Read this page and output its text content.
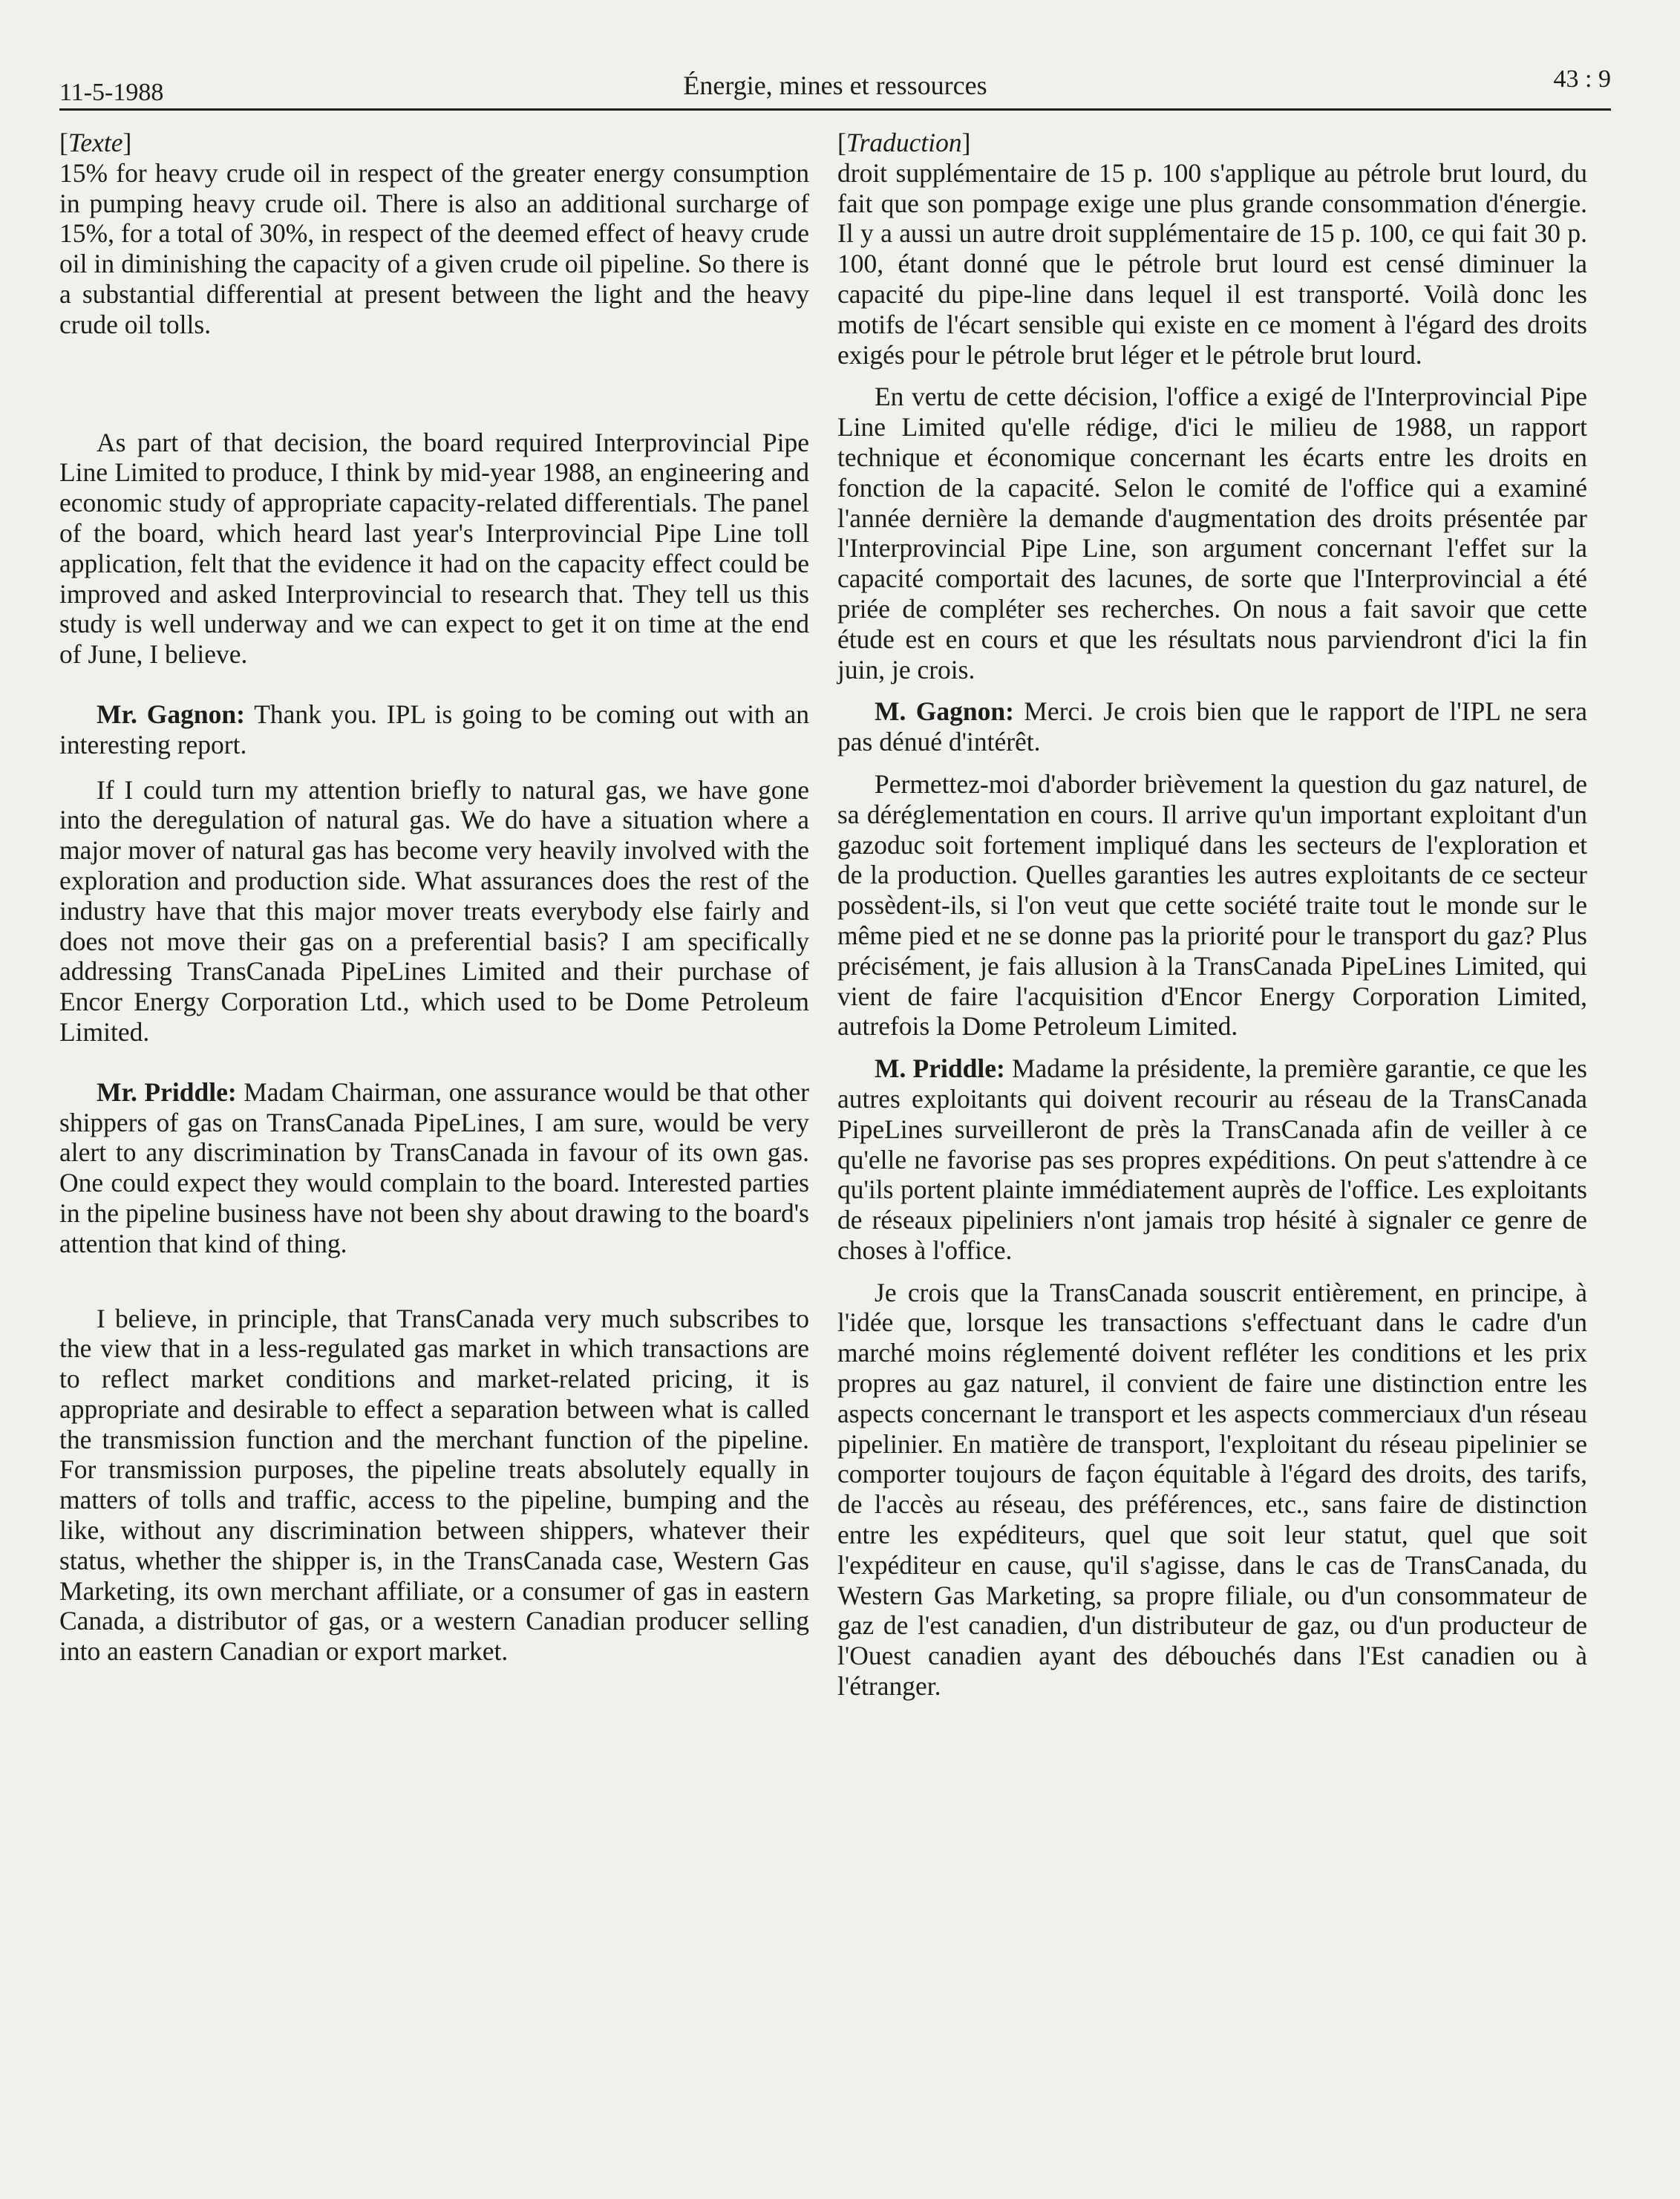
11-5-1988	Énergie, mines et ressources	43 : 9

[ Texte ]

15% for heavy crude oil in respect of the greater energy consumption in pumping heavy crude oil. There is also an additional surcharge of 15%, for a total of 30%, in respect of the deemed effect of heavy crude oil in diminishing the capacity of a given crude oil pipeline. So there is a substantial differential at present between the light and the heavy crude oil tolls.

As part of that decision, the board required Interprovincial Pipe Line Limited to produce, I think by mid-year 1988, an engineering and economic study of appropriate capacity-related differentials. The panel of the board, which heard last year's Interprovincial Pipe Line toll application, felt that the evidence it had on the capacity effect could be improved and asked Interprovincial to research that. They tell us this study is well underway and we can expect to get it on time at the end of June, I believe.

Mr. Gagnon: Thank you. IPL is going to be coming out with an interesting report.

If I could turn my attention briefly to natural gas, we have gone into the deregulation of natural gas. We do have a situation where a major mover of natural gas has become very heavily involved with the exploration and production side. What assurances does the rest of the industry have that this major mover treats everybody else fairly and does not move their gas on a preferential basis? I am specifically addressing TransCanada PipeLines Limited and their purchase of Encor Energy Corporation Ltd., which used to be Dome Petroleum Limited.

Mr. Priddle: Madam Chairman, one assurance would be that other shippers of gas on TransCanada PipeLines, I am sure, would be very alert to any discrimination by TransCanada in favour of its own gas. One could expect they would complain to the board. Interested parties in the pipeline business have not been shy about drawing to the board's attention that kind of thing.

I believe, in principle, that TransCanada very much subscribes to the view that in a less-regulated gas market in which transactions are to reflect market conditions and market-related pricing, it is appropriate and desirable to effect a separation between what is called the transmission function and the merchant function of the pipeline. For transmission purposes, the pipeline treats absolutely equally in matters of tolls and traffic, access to the pipeline, bumping and the like, without any discrimination between shippers, whatever their status, whether the shipper is, in the TransCanada case, Western Gas Marketing, its own merchant affiliate, or a consumer of gas in eastern Canada, a distributor of gas, or a western Canadian producer selling into an eastern Canadian or export market.

[ Traduction ]

droit supplémentaire de 15 p. 100 s'applique au pétrole brut lourd, du fait que son pompage exige une plus grande consommation d'énergie. Il y a aussi un autre droit supplémentaire de 15 p. 100, ce qui fait 30 p. 100, étant donné que le pétrole brut lourd est censé diminuer la capacité du pipe-line dans lequel il est transporté. Voilà donc les motifs de l'écart sensible qui existe en ce moment à l'égard des droits exigés pour le pétrole brut léger et le pétrole brut lourd.

En vertu de cette décision, l'office a exigé de l'Interprovincial Pipe Line Limited qu'elle rédige, d'ici le milieu de 1988, un rapport technique et économique concernant les écarts entre les droits en fonction de la capacité. Selon le comité de l'office qui a examiné l'année dernière la demande d'augmentation des droits présentée par l'Interprovincial Pipe Line, son argument concernant l'effet sur la capacité comportait des lacunes, de sorte que l'Interprovincial a été priée de compléter ses recherches. On nous a fait savoir que cette étude est en cours et que les résultats nous parviendront d'ici la fin juin, je crois.

M. Gagnon: Merci. Je crois bien que le rapport de l'IPL ne sera pas dénué d'intérêt.

Permettez-moi d'aborder brièvement la question du gaz naturel, de sa déréglementation en cours. Il arrive qu'un important exploitant d'un gazoduc soit fortement impliqué dans les secteurs de l'exploration et de la production. Quelles garanties les autres exploitants de ce secteur possèdent-ils, si l'on veut que cette société traite tout le monde sur le même pied et ne se donne pas la priorité pour le transport du gaz? Plus précisément, je fais allusion à la TransCanada PipeLines Limited, qui vient de faire l'acquisition d'Encor Energy Corporation Limited, autrefois la Dome Petroleum Limited.

M. Priddle: Madame la présidente, la première garantie, ce que les autres exploitants qui doivent recourir au réseau de la TransCanada PipeLines surveilleront de près la TransCanada afin de veiller à ce qu'elle ne favorise pas ses propres expéditions. On peut s'attendre à ce qu'ils portent plainte immédiatement auprès de l'office. Les exploitants de réseaux pipeliniers n'ont jamais trop hésité à signaler ce genre de choses à l'office.

Je crois que la TransCanada souscrit entièrement, en principe, à l'idée que, lorsque les transactions s'effectuant dans le cadre d'un marché moins réglementé doivent refléter les conditions et les prix propres au gaz naturel, il convient de faire une distinction entre les aspects concernant le transport et les aspects commerciaux d'un réseau pipelinier. En matière de transport, l'exploitant du réseau pipelinier se comporter toujours de façon équitable à l'égard des droits, des tarifs, de l'accès au réseau, des préférences, etc., sans faire de distinction entre les expéditeurs, quel que soit leur statut, quel que soit l'expéditeur en cause, qu'il s'agisse, dans le cas de TransCanada, du Western Gas Marketing, sa propre filiale, ou d'un consommateur de gaz de l'est canadien, d'un distributeur de gaz, ou d'un producteur de l'Ouest canadien ayant des débouchés dans l'Est canadien ou à l'étranger.
